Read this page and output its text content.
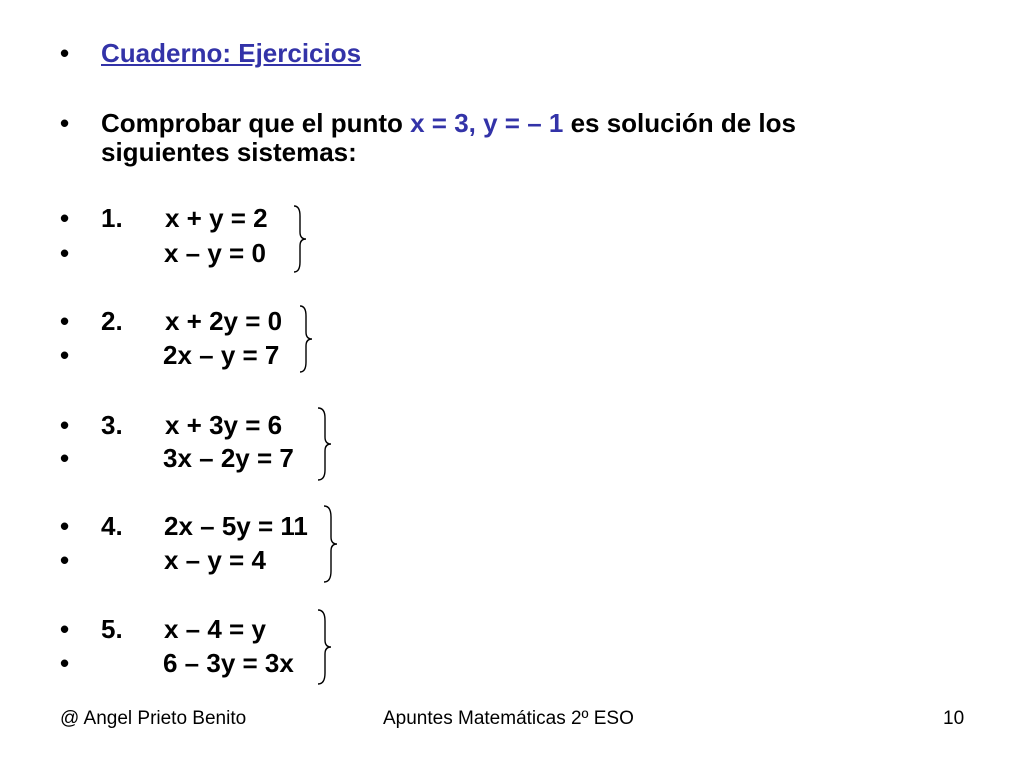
• Cuaderno: Ejercicios
• Comprobar que el punto x = 3, y = – 1 es solución de los
siguientes sistemas:
• 1. x + y = 2
•	x – y = 0
• 2. x + 2y = 0
•	2x – y = 7
• 3. x + 3y = 6
•	3x – 2y = 7
• 4. 2x – 5y = 11
•	x – y = 4
• 5. x – 4 = y
•	6 – 3y = 3x
@ Angel Prieto Benito	Apuntes Matemáticas 2º ESO	10
